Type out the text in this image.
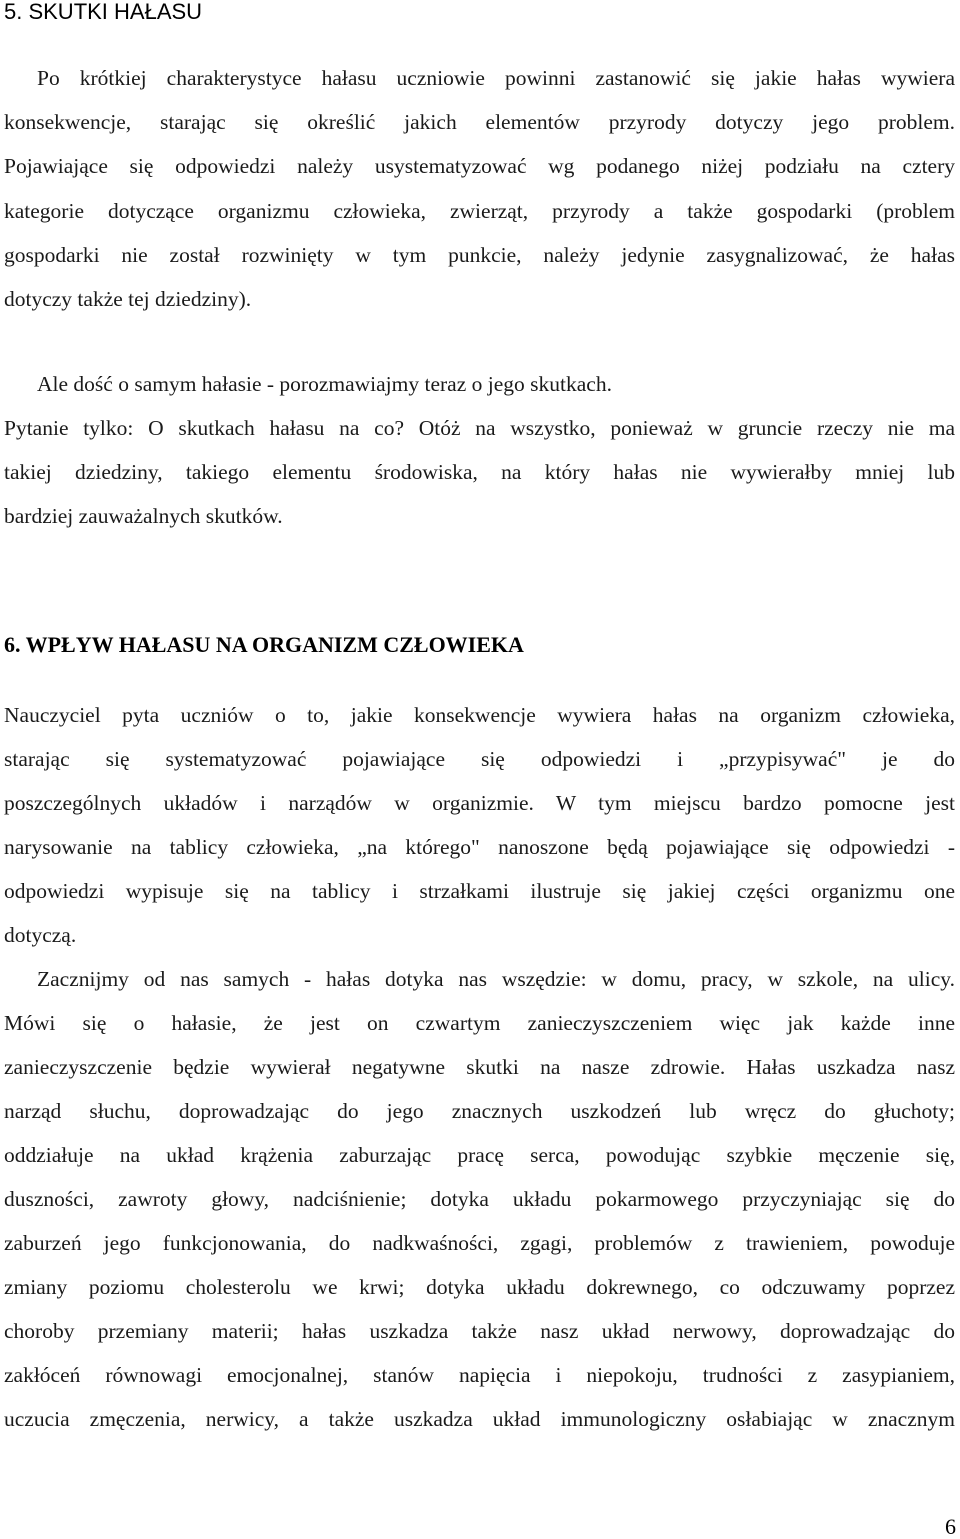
5. SKUTKI HAŁASU
Po krótkiej charakterystyce hałasu uczniowie powinni zastanowić się jakie hałas wywiera
konsekwencje, starając się określić jakich elementów przyrody dotyczy jego problem.
Pojawiające się odpowiedzi należy usystematyzować wg podanego niżej podziału na cztery
kategorie dotyczące organizmu człowieka, zwierząt, przyrody a także gospodarki (problem
gospodarki nie został rozwinięty w tym punkcie, należy jedynie zasygnalizować, że hałas
dotyczy także tej dziedziny).
Ale dość o samym hałasie - porozmawiajmy teraz o jego skutkach.
Pytanie tylko: O skutkach hałasu na co? Otóż na wszystko, ponieważ w gruncie rzeczy nie ma
takiej dziedziny, takiego elementu środowiska, na który hałas nie wywierałby mniej lub
bardziej zauważalnych skutków.
6. WPŁYW HAŁASU NA ORGANIZM CZŁOWIEKA
Nauczyciel pyta uczniów o to, jakie konsekwencje wywiera hałas na organizm człowieka,
starając się systematyzować pojawiające się odpowiedzi i „przypisywać" je do
poszczególnych układów i narządów w organizmie. W tym miejscu bardzo pomocne jest
narysowanie na tablicy człowieka, „na którego" nanoszone będą pojawiające się odpowiedzi -
odpowiedzi wypisuje się na tablicy i strzałkami ilustruje się jakiej części organizmu one
dotyczą.
Zacznijmy od nas samych - hałas dotyka nas wszędzie: w domu, pracy, w szkole, na ulicy.
Mówi się o hałasie, że jest on czwartym zanieczyszczeniem więc jak każde inne
zanieczyszczenie będzie wywierał negatywne skutki na nasze zdrowie. Hałas uszkadza nasz
narząd słuchu, doprowadzając do jego znacznych uszkodzeń lub wręcz do głuchoty;
oddziałuje na układ krążenia zaburzając pracę serca, powodując szybkie męczenie się,
duszności, zawroty głowy, nadciśnienie; dotyka układu pokarmowego przyczyniając się do
zaburzeń jego funkcjonowania, do nadkwaśności, zgagi, problemów z trawieniem, powoduje
zmiany poziomu cholesterolu we krwi; dotyka układu dokrewnego, co odczuwamy poprzez
choroby przemiany materii; hałas uszkadza także nasz układ nerwowy, doprowadzając do
zakłóceń równowagi emocjonalnej, stanów napięcia i niepokoju, trudności z zasypianiem,
uczucia zmęczenia, nerwicy, a także uszkadza układ immunologiczny osłabiając w znacznym
6
